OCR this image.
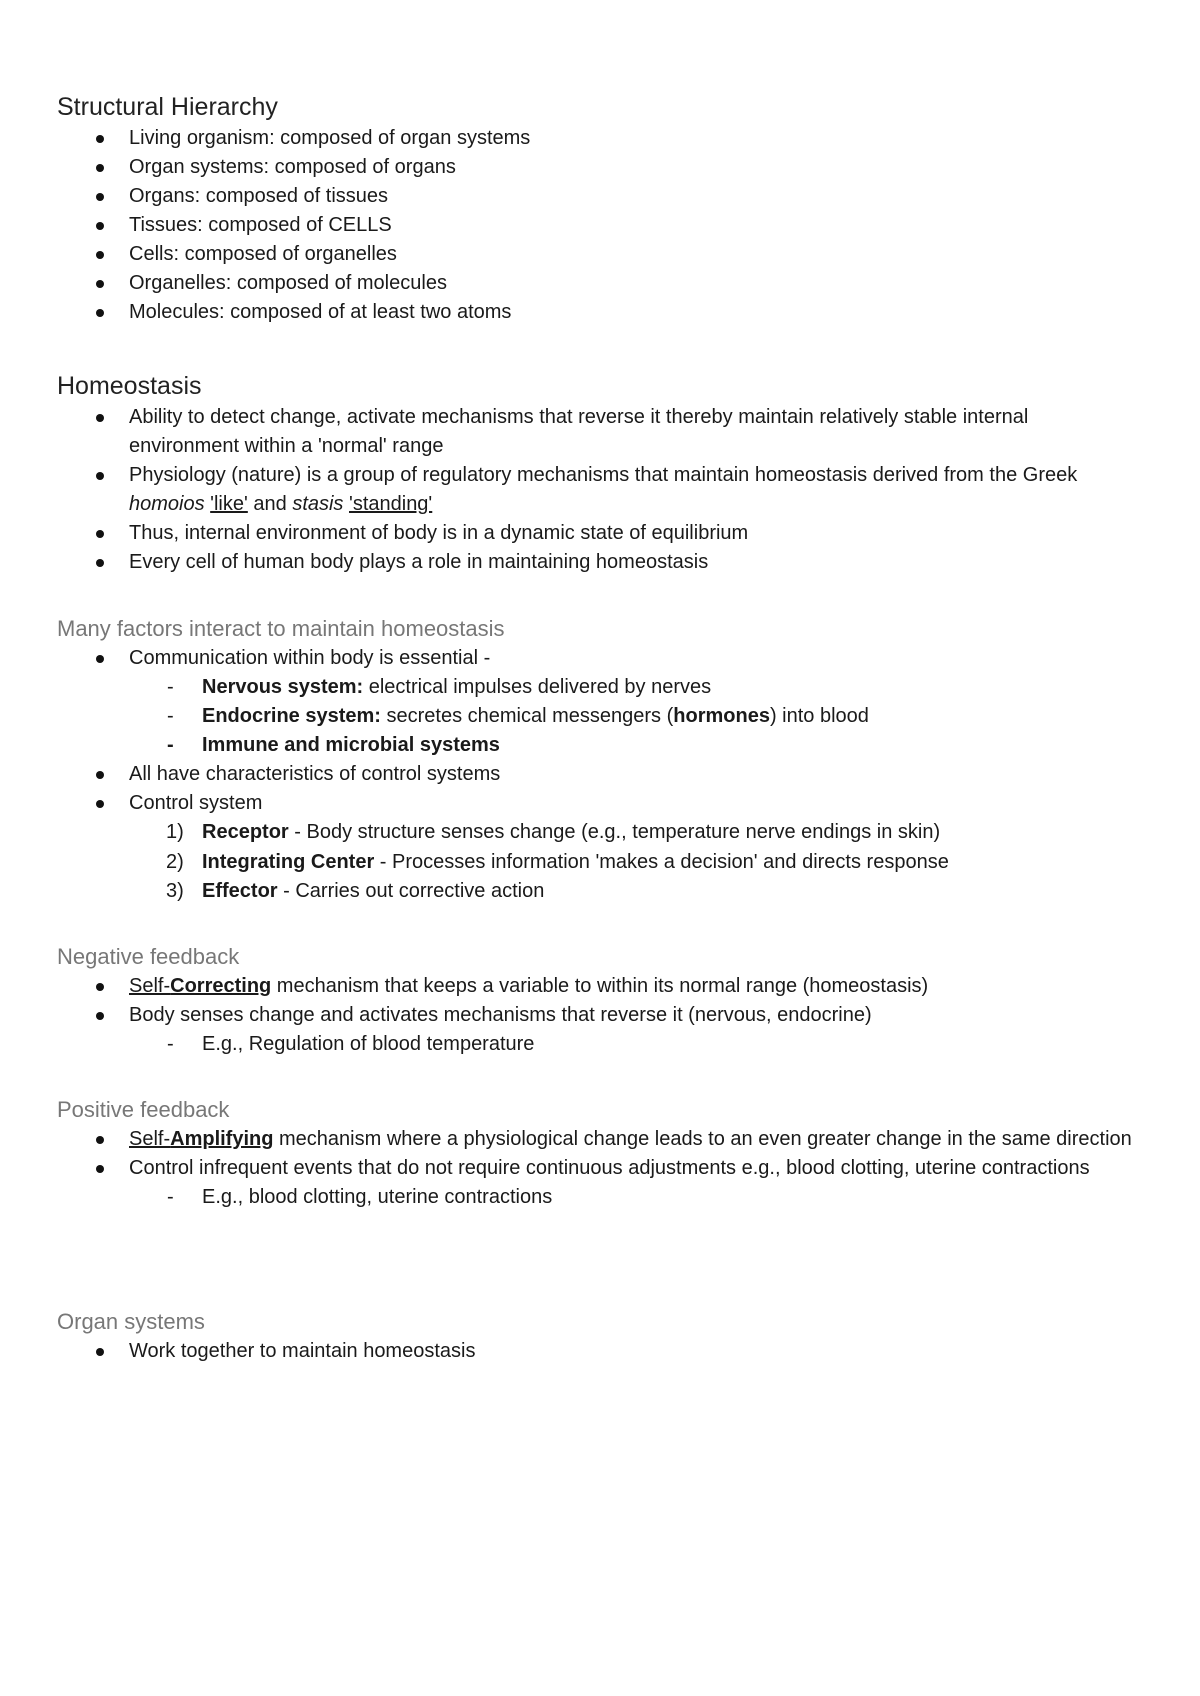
Structural Hierarchy
Living organism: composed of organ systems
Organ systems: composed of organs
Organs: composed of tissues
Tissues: composed of CELLS
Cells: composed of organelles
Organelles: composed of molecules
Molecules: composed of at least two atoms
Homeostasis
Ability to detect change, activate mechanisms that reverse it thereby maintain relatively stable internal environment within a 'normal' range
Physiology (nature) is a group of regulatory mechanisms that maintain homeostasis derived from the Greek homoios 'like' and stasis 'standing'
Thus, internal environment of body is in a dynamic state of equilibrium
Every cell of human body plays a role in maintaining homeostasis
Many factors interact to maintain homeostasis
Communication within body is essential -
- Nervous system: electrical impulses delivered by nerves
- Endocrine system: secretes chemical messengers (hormones) into blood
- Immune and microbial systems
All have characteristics of control systems
Control system
1) Receptor - Body structure senses change (e.g., temperature nerve endings in skin)
2) Integrating Center - Processes information 'makes a decision' and directs response
3) Effector - Carries out corrective action
Negative feedback
Self-Correcting mechanism that keeps a variable to within its normal range (homeostasis)
Body senses change and activates mechanisms that reverse it (nervous, endocrine)
- E.g., Regulation of blood temperature
Positive feedback
Self-Amplifying mechanism where a physiological change leads to an even greater change in the same direction
Control infrequent events that do not require continuous adjustments e.g., blood clotting, uterine contractions
- E.g., blood clotting, uterine contractions
Organ systems
Work together to maintain homeostasis
